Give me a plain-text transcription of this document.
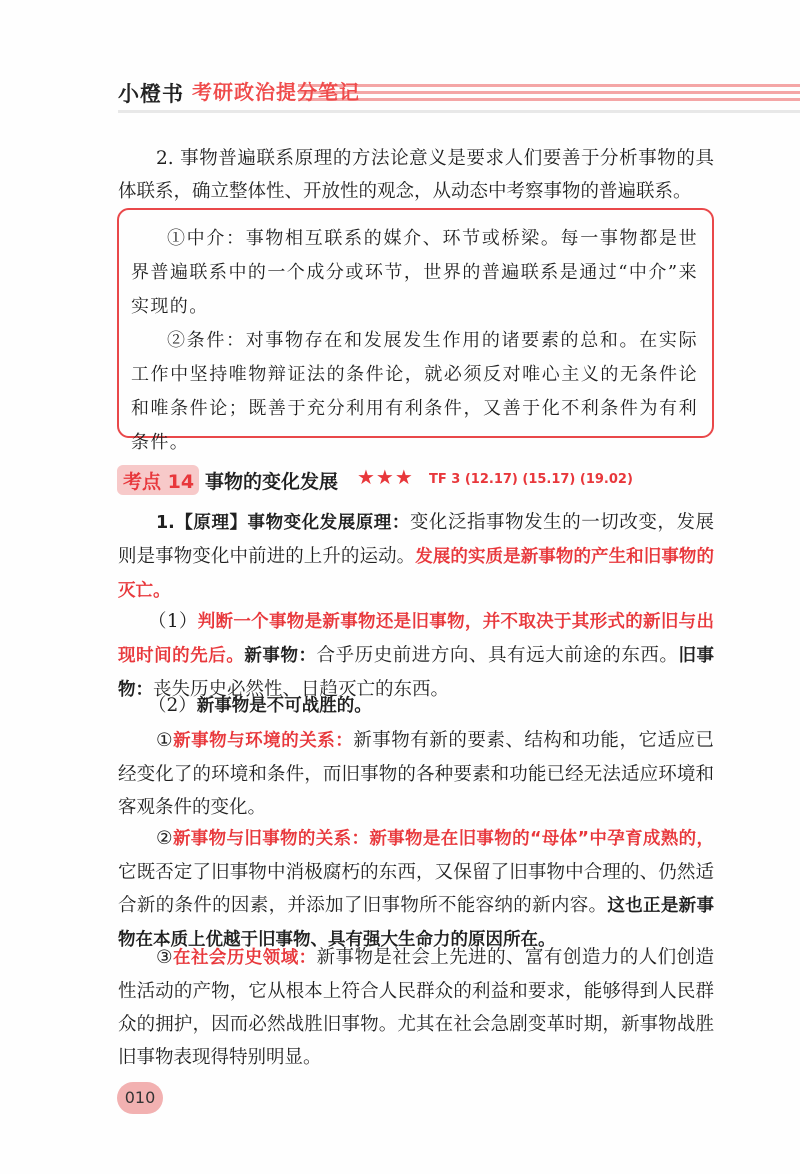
小橙书 考研政治提分笔记
2. 事物普遍联系原理的方法论意义是要求人们要善于分析事物的具体联系，确立整体性、开放性的观念，从动态中考察事物的普遍联系。

①中介：事物相互联系的媒介、环节或桥梁。每一事物都是世界普遍联系中的一个成分或环节，世界的普遍联系是通过“中介”来实现的。

②条件：对事物存在和发展发生作用的诸要素的总和。在实际工作中坚持唯物辩证法的条件论，就必须反对唯心主义的无条件论和唯条件论；既善于充分利用有利条件，又善于化不利条件为有利条件。

考点 14 事物的变化发展 ★★★ TF 3 (12.17) (15.17) (19.02)
1.【原理】事物变化发展原理：变化泛指事物发生的一切改变，发展则是事物变化中前进的上升的运动。发展的实质是新事物的产生和旧事物的灭亡。
（1）判断一个事物是新事物还是旧事物，并不取决于其形式的新旧与出现时间的先后。新事物：合乎历史前进方向、具有远大前途的东西。旧事物：丧失历史必然性、日趋灭亡的东西。
（2）新事物是不可战胜的。
①新事物与环境的关系：新事物有新的要素、结构和功能，它适应已经变化了的环境和条件，而旧事物的各种要素和功能已经无法适应环境和客观条件的变化。
②新事物与旧事物的关系：新事物是在旧事物的“母体”中孕育成熟的，它既否定了旧事物中消极腐朽的东西，又保留了旧事物中合理的、仍然适合新的条件的因素，并添加了旧事物所不能容纳的新内容。这也正是新事物在本质上优越于旧事物、具有强大生命力的原因所在。
③在社会历史领域：新事物是社会上先进的、富有创造力的人们创造性活动的产物，它从根本上符合人民群众的利益和要求，能够得到人民群众的拥护，因而必然战胜旧事物。尤其在社会急剧变革时期，新事物战胜旧事物表现得特别明显。
010
